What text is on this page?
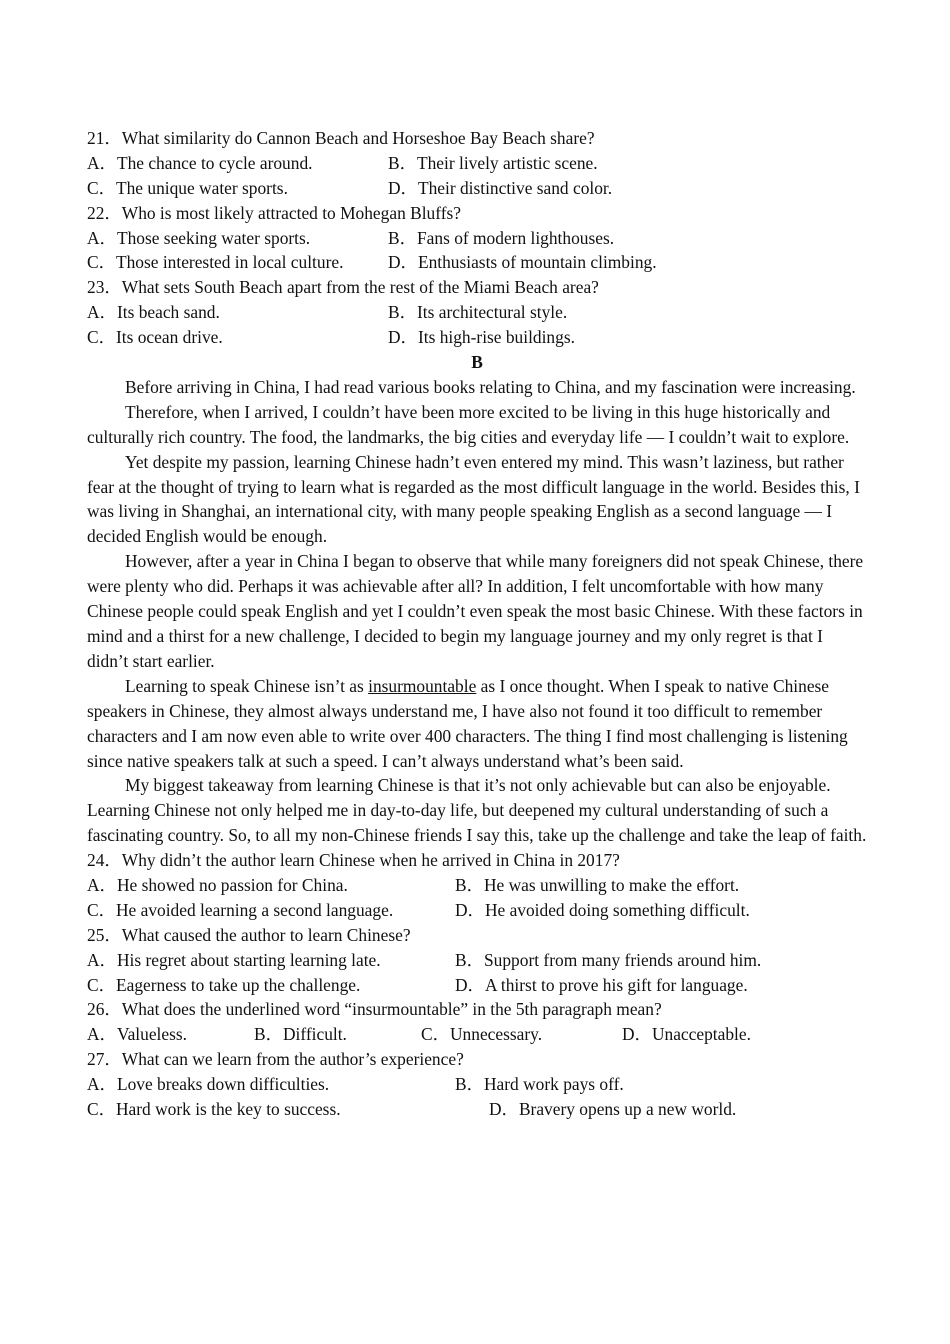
21．What similarity do Cannon Beach and Horseshoe Bay Beach share?
A．The chance to cycle around.	B．Their lively artistic scene.
C．The unique water sports.	D．Their distinctive sand color.
22．Who is most likely attracted to Mohegan Bluffs?
A．Those seeking water sports.	B．Fans of modern lighthouses.
C．Those interested in local culture.	D．Enthusiasts of mountain climbing.
23．What sets South Beach apart from the rest of the Miami Beach area?
A．Its beach sand.	B．Its architectural style.
C．Its ocean drive.	D．Its high-rise buildings.
B

Before arriving in China, I had read various books relating to China, and my fascination were increasing.

Therefore, when I arrived, I couldn’t have been more excited to be living in this huge historically and culturally rich country. The food, the landmarks, the big cities and everyday life — I couldn’t wait to explore.

Yet despite my passion, learning Chinese hadn’t even entered my mind. This wasn’t laziness, but rather fear at the thought of trying to learn what is regarded as the most difficult language in the world. Besides this, I was living in Shanghai, an international city, with many people speaking English as a second language — I decided English would be enough.

However, after a year in China I began to observe that while many foreigners did not speak Chinese, there were plenty who did. Perhaps it was achievable after all? In addition, I felt uncomfortable with how many Chinese people could speak English and yet I couldn’t even speak the most basic Chinese. With these factors in mind and a thirst for a new challenge, I decided to begin my language journey and my only regret is that I didn’t start earlier.

Learning to speak Chinese isn’t as insurmountable as I once thought. When I speak to native Chinese speakers in Chinese, they almost always understand me, I have also not found it too difficult to remember characters and I am now even able to write over 400 characters. The thing I find most challenging is listening since native speakers talk at such a speed. I can’t always understand what’s been said.

My biggest takeaway from learning Chinese is that it’s not only achievable but can also be enjoyable. Learning Chinese not only helped me in day-to-day life, but deepened my cultural understanding of such a fascinating country. So, to all my non-Chinese friends I say this, take up the challenge and take the leap of faith.

24．Why didn’t the author learn Chinese when he arrived in China in 2017?
A．He showed no passion for China.	B．He was unwilling to make the effort.
C．He avoided learning a second language.	D．He avoided doing something difficult.
25．What caused the author to learn Chinese?
A．His regret about starting learning late.	B．Support from many friends around him.
C．Eagerness to take up the challenge.	D．A thirst to prove his gift for language.
26．What does the underlined word “insurmountable” in the 5th paragraph mean?
A．Valueless.	B．Difficult.	C．Unnecessary.	D．Unacceptable.
27．What can we learn from the author’s experience?
A．Love breaks down difficulties.	B．Hard work pays off.
C．Hard work is the key to success.	D．Bravery opens up a new world.
